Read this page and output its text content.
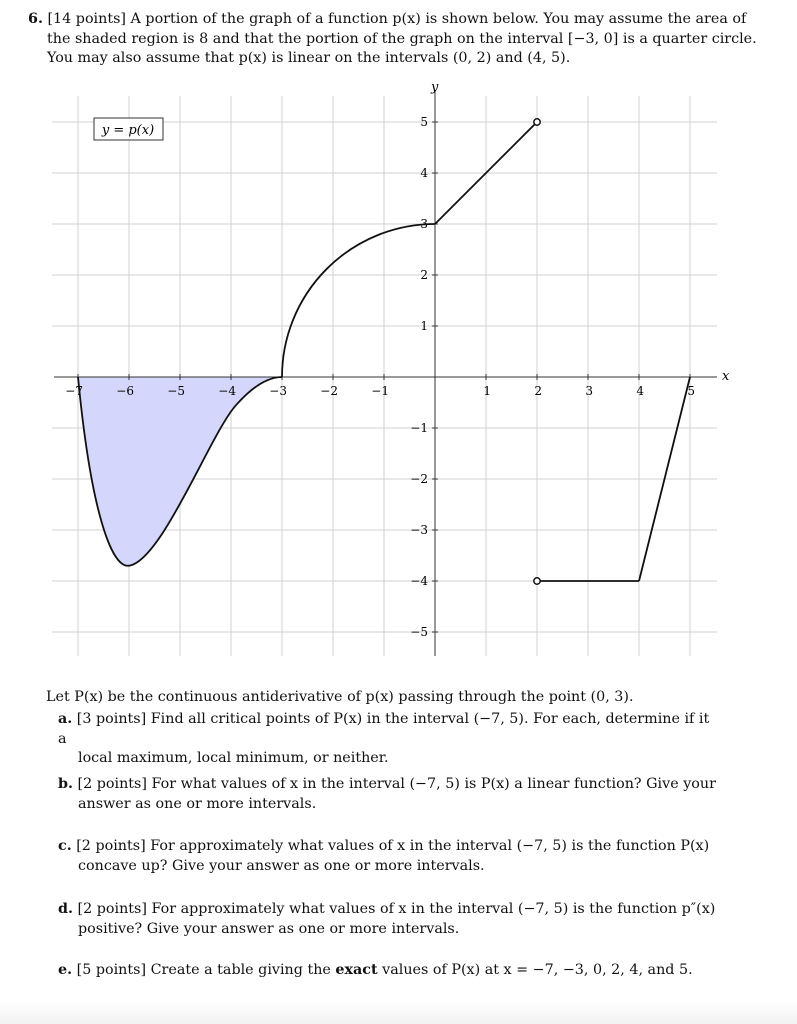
6. [14 points] A portion of the graph of a function p(x) is shown below. You may assume the area of
the shaded region is 8 and that the portion of the graph on the interval [−3, 0] is a quarter circle.
You may also assume that p(x) is linear on the intervals (0, 2) and (4, 5).
−7	−6	−5	−4	−3	−2	−1	1	2	3	4	5
5
4
3
2
1
−1
−2
−3
−4
−5
y = p(x)
x
y
Let P(x) be the continuous antiderivative of p(x) passing through the point (0, 3).
a. [3 points] Find all critical points of P(x) in the interval (−7, 5). For each, determine if it a
local maximum, local minimum, or neither.
b. [2 points] For what values of x in the interval (−7, 5) is P(x) a linear function? Give your
answer as one or more intervals.
c. [2 points] For approximately what values of x in the interval (−7, 5) is the function P(x)
concave up? Give your answer as one or more intervals.
d. [2 points] For approximately what values of x in the interval (−7, 5) is the function p″(x)
positive? Give your answer as one or more intervals.
e. [5 points] Create a table giving the exact values of P(x) at x = −7, −3, 0, 2, 4, and 5.
